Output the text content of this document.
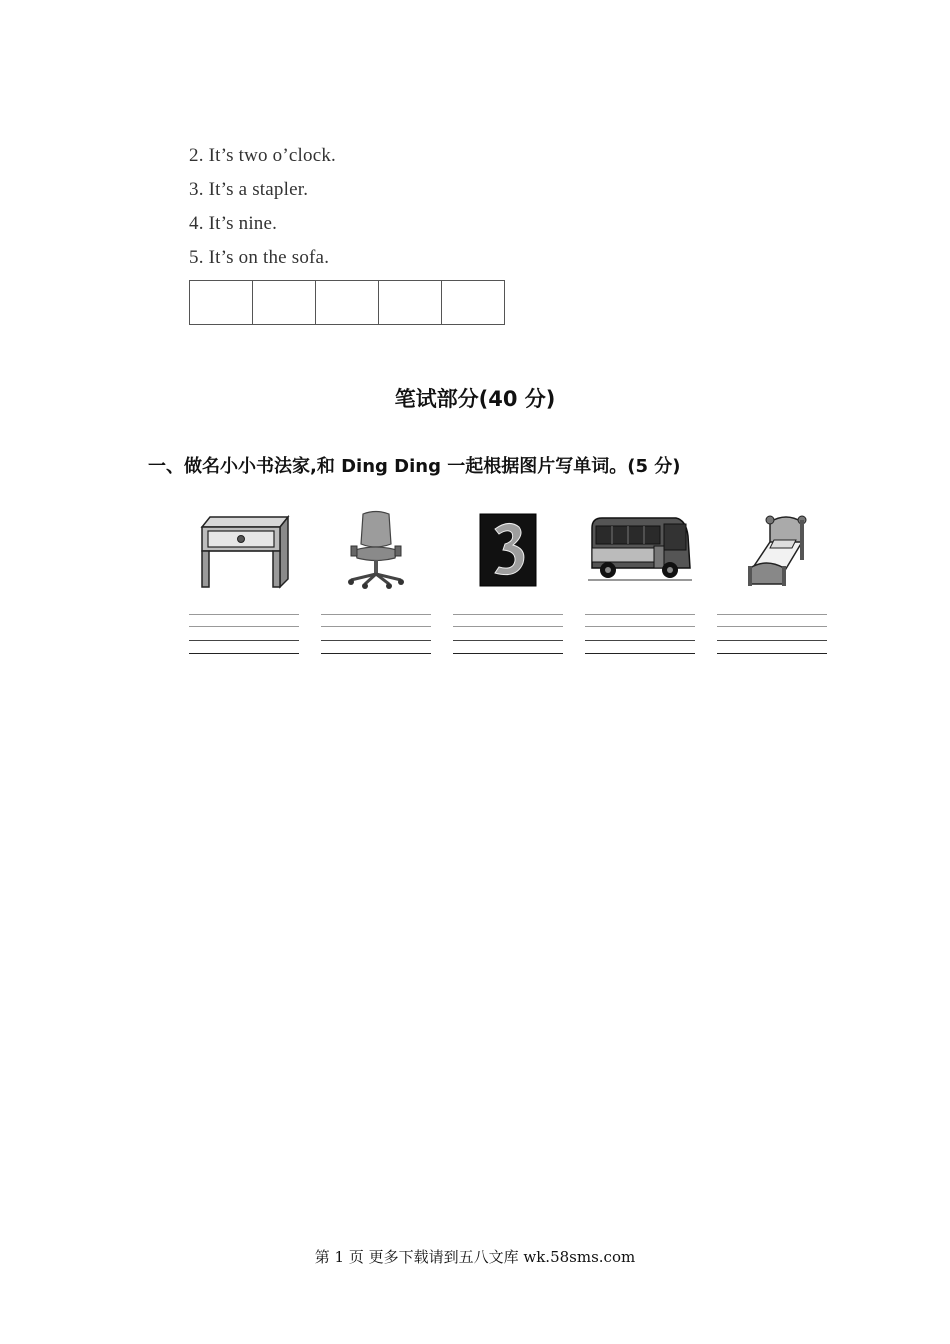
2. It’s two o’clock.
3. It’s a stapler.
4. It’s nine.
5. It’s on the sofa.
笔试部分(40 分)
一、做名小小书法家,和 Ding Ding 一起根据图片写单词。(5 分)
第 1 页 更多下载请到五八文库 wk.58sms.com
